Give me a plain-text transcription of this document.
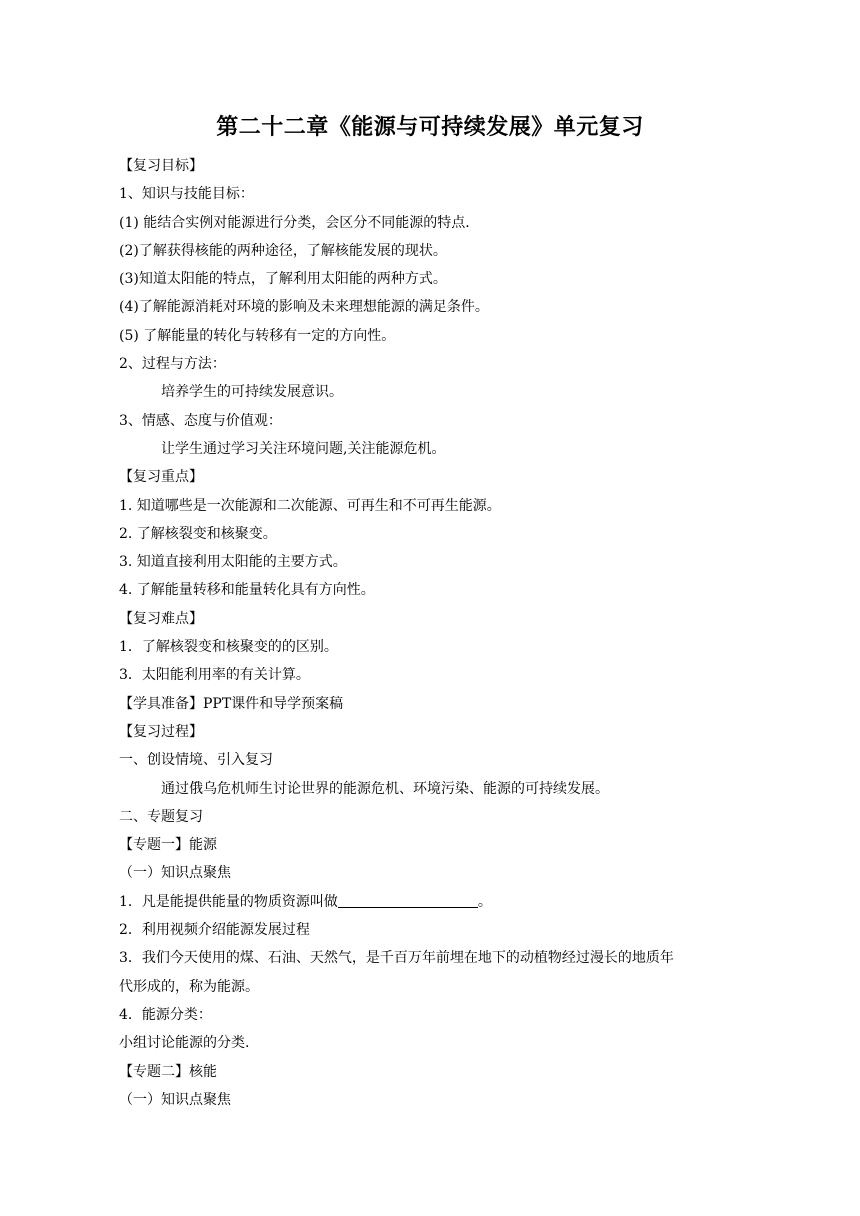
第二十二章《能源与可持续发展》单元复习
【复习目标】
1、知识与技能目标：
(1) 能结合实例对能源进行分类，会区分不同能源的特点.
(2)了解获得核能的两种途径，了解核能发展的现状。
(3)知道太阳能的特点，了解利用太阳能的两种方式。
(4)了解能源消耗对环境的影响及未来理想能源的满足条件。
(5) 了解能量的转化与转移有一定的方向性。
2、过程与方法：
培养学生的可持续发展意识。
3、情感、态度与价值观：
让学生通过学习关注环境问题,关注能源危机。
【复习重点】
1. 知道哪些是一次能源和二次能源、可再生和不可再生能源。
2. 了解核裂变和核聚变。
3. 知道直接利用太阳能的主要方式。
4. 了解能量转移和能量转化具有方向性。
【复习难点】
1．了解核裂变和核聚变的的区别。
3．太阳能利用率的有关计算。
【学具准备】PPT课件和导学预案稿
【复习过程】
一、创设情境、引入复习
通过俄乌危机师生讨论世界的能源危机、环境污染、能源的可持续发展。
二、专题复习
【专题一】能源
（一）知识点聚焦
1．凡是能提供能量的物质资源叫做	。
2．利用视频介绍能源发展过程
3．我们今天使用的煤、石油、天然气，是千百万年前埋在地下的动植物经过漫长的地质年
代形成的，称为能源。
4．能源分类：
小组讨论能源的分类.
【专题二】核能
（一）知识点聚焦
